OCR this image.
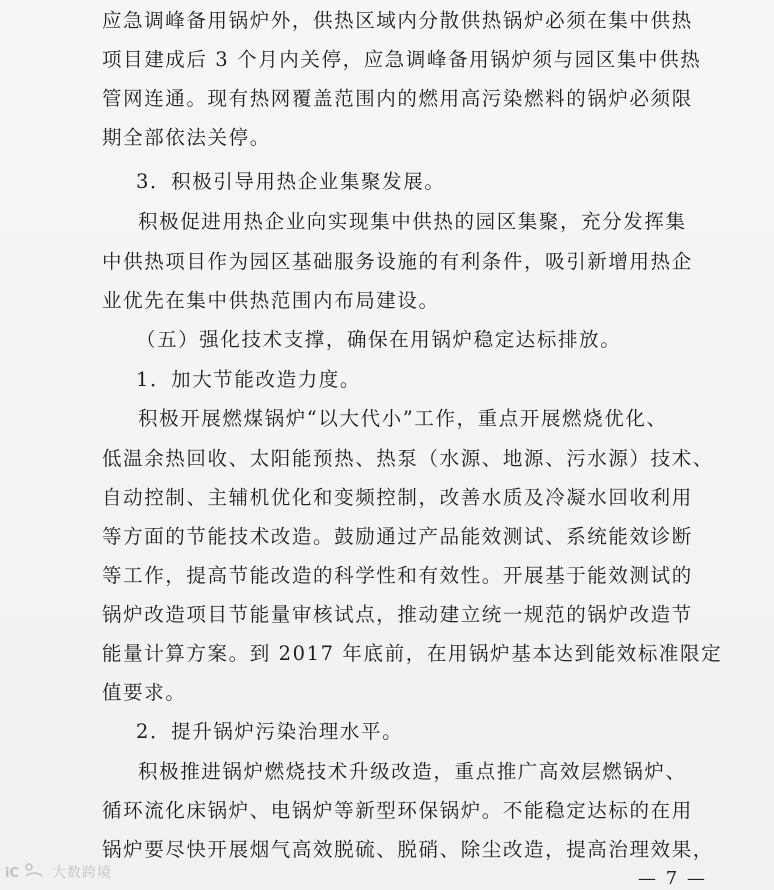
应急调峰备用锅炉外，供热区域内分散供热锅炉必须在集中供热
项目建成后 3 个月内关停，应急调峰备用锅炉须与园区集中供热
管网连通。现有热网覆盖范围内的燃用高污染燃料的锅炉必须限
期全部依法关停。
3．积极引导用热企业集聚发展。
积极促进用热企业向实现集中供热的园区集聚，充分发挥集
中供热项目作为园区基础服务设施的有利条件，吸引新增用热企
业优先在集中供热范围内布局建设。
（五）强化技术支撑，确保在用锅炉稳定达标排放。
1．加大节能改造力度。
积极开展燃煤锅炉“以大代小”工作，重点开展燃烧优化、
低温余热回收、太阳能预热、热泵（水源、地源、污水源）技术、
自动控制、主辅机优化和变频控制，改善水质及冷凝水回收利用
等方面的节能技术改造。鼓励通过产品能效测试、系统能效诊断
等工作，提高节能改造的科学性和有效性。开展基于能效测试的
锅炉改造项目节能量审核试点，推动建立统一规范的锅炉改造节
能量计算方案。到 2017 年底前，在用锅炉基本达到能效标准限定
值要求。
2．提升锅炉污染治理水平。
积极推进锅炉燃烧技术升级改造，重点推广高效层燃锅炉、
循环流化床锅炉、电锅炉等新型环保锅炉。不能稳定达标的在用
锅炉要尽快开展烟气高效脱硫、脱硝、除尘改造，提高治理效果，
iC 大数跨境	— 7 —
